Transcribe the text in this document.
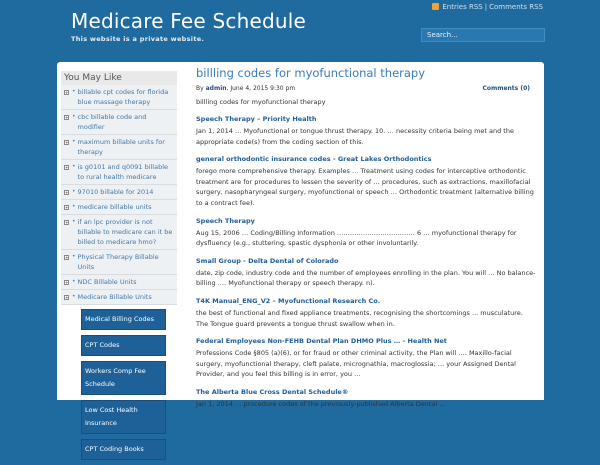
Medicare Fee Schedule
This website is a private website.
Entries RSS | Comments RSS
Search...
You May Like
+ • billable cpt codes for florida blue massage therapy
+ • cbc billable code and modifier
+ • maximum billable units for therapy
+ • is g0101 and q0091 billable to rural health medicare
+ • 97010 billable for 2014
+ • medicare billable units
+ • if an lpc provider is not billable to medicare can it be billed to medicare hmo?
+ • Physical Therapy Billable Units
+ • NDC Billable Units
+ • Medicare Billable Units
Medical Billing Codes
CPT Codes
Workers Comp Fee Schedule
Low Cost Health Insurance
CPT Coding Books
billling codes for myofunctional therapy
By admin, June 4, 2015 9:30 pm	Comments (0)
billling codes for myofunctional therapy
Speech Therapy – Priority Health
Jan 1, 2014 … Myofunctional or tongue thrust therapy. 10. … necessity criteria being met and the appropriate code(s) from the coding section of this.
general orthodontic insurance codes - Great Lakes Orthodontics
forego more comprehensive therapy. Examples … Treatment using codes for interceptive orthodontic treatment are for procedures to lessen the severity of … procedures, such as extractions, maxillofacial surgery, nasopharyngeal surgery, myofunctional or speech … Orthodontic treatment (alternative billing to a contract fee).
Speech Therapy
Aug 15, 2006 … Coding/Billing Information ……………………………… 6 … myofunctional therapy for dysfluency (e.g., stuttering, spastic dysphonia or other involuntarily.
Small Group - Delta Dental of Colorado
date, zip code, industry code and the number of employees enrolling in the plan. You will … No balance-billing …. Myofunctional therapy or speech therapy. n).
T4K Manual_ENG_V2 – Myofunctional Research Co.
the best of functional and fixed appliance treatments, recognising the shortcomings ... musculature. The Tongue guard prevents a tongue thrust swallow when in.
Federal Employees Non-FEHB Dental Plan DHMO Plus … - Health Net
Professions Code §805 (a)(6), or for fraud or other criminal activity, the Plan will …. Maxillo-facial surgery, myofunctional therapy, cleft palate, micrognathia, macroglossia; … your Assigned Dental Provider, and you feel this billing is in error, you …
The Alberta Blue Cross Dental Schedule®
Jan 1, 2014 … procedure codes of the previously-published Alberta Dental …
